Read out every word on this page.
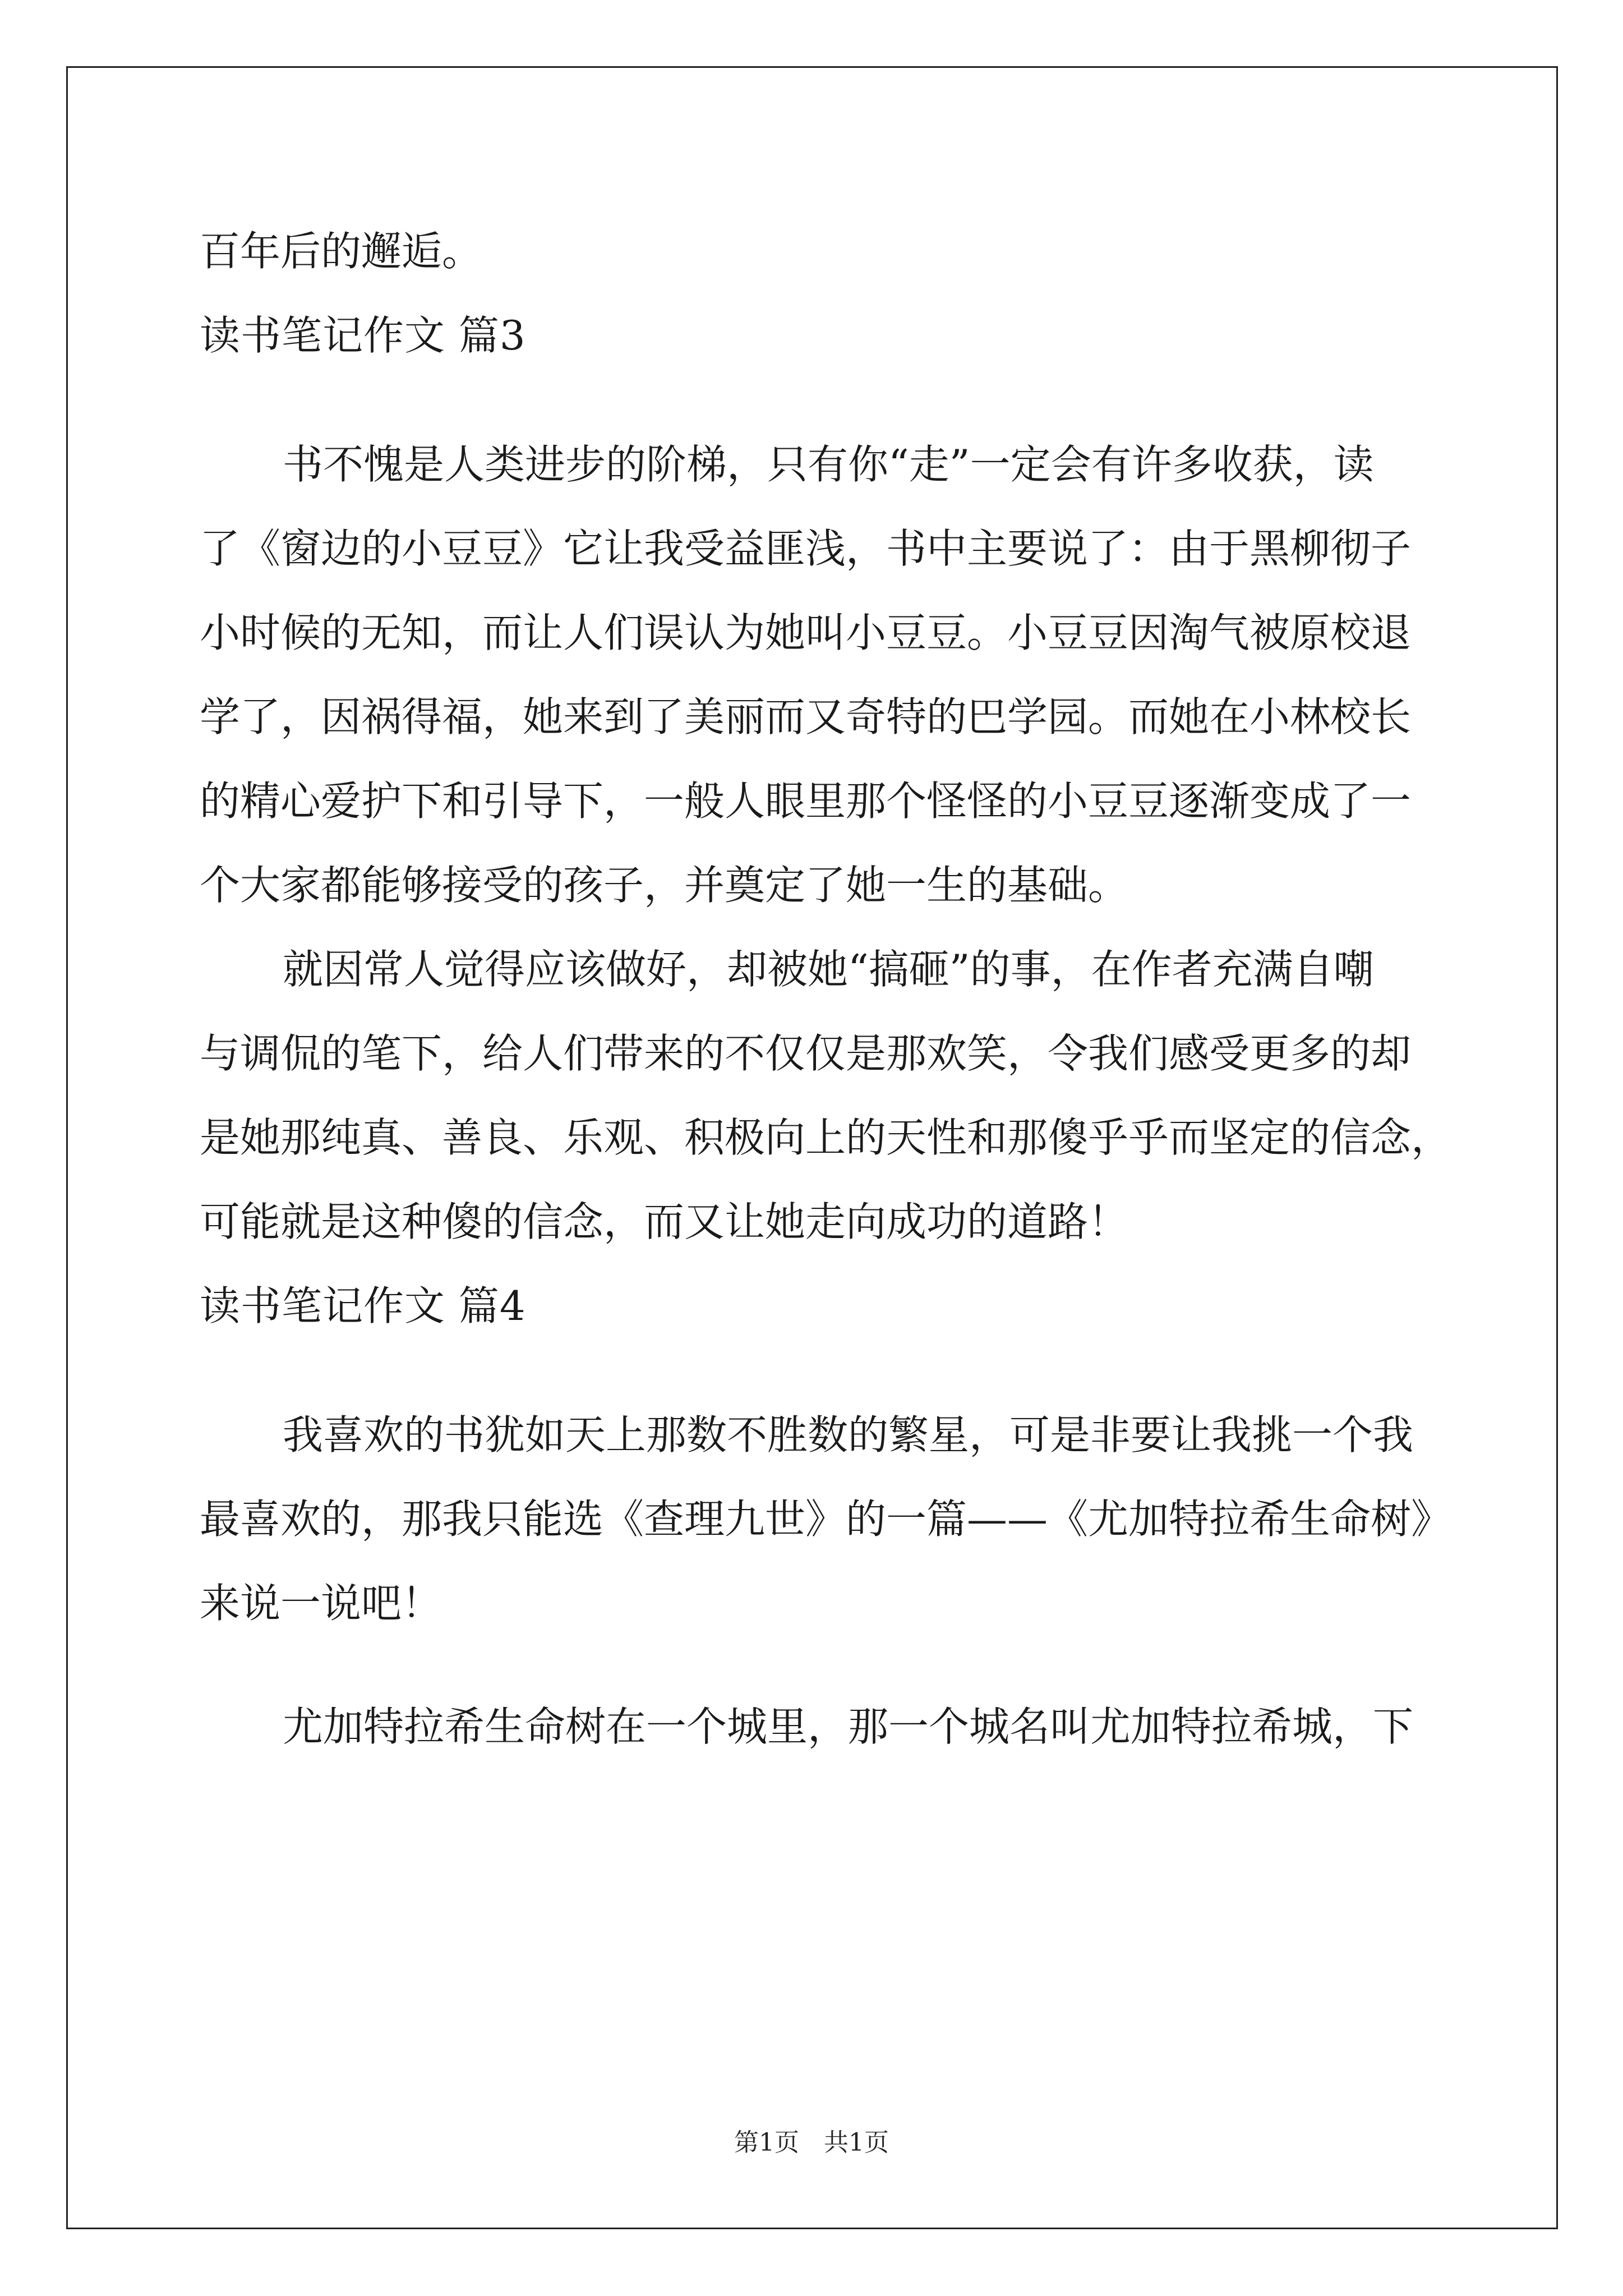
百年后的邂逅。
读书笔记作文 篇3
书不愧是人类进步的阶梯，只有你“走”一定会有许多收获，读
了《窗边的小豆豆》它让我受益匪浅，书中主要说了：由于黑柳彻子
小时候的无知，而让人们误认为她叫小豆豆。小豆豆因淘气被原校退
学了，因祸得福，她来到了美丽而又奇特的巴学园。而她在小林校长
的精心爱护下和引导下，一般人眼里那个怪怪的小豆豆逐渐变成了一
个大家都能够接受的孩子，并奠定了她一生的基础。
就因常人觉得应该做好，却被她“搞砸”的事，在作者充满自嘲
与调侃的笔下，给人们带来的不仅仅是那欢笑，令我们感受更多的却
是她那纯真、善良、乐观、积极向上的天性和那傻乎乎而坚定的信念，
可能就是这种傻的信念，而又让她走向成功的道路！
读书笔记作文 篇4
我喜欢的书犹如天上那数不胜数的繁星，可是非要让我挑一个我
最喜欢的，那我只能选《查理九世》的一篇——《尤加特拉希生命树》
来说一说吧！
尤加特拉希生命树在一个城里，那一个城名叫尤加特拉希城，下
第1页　共1页
